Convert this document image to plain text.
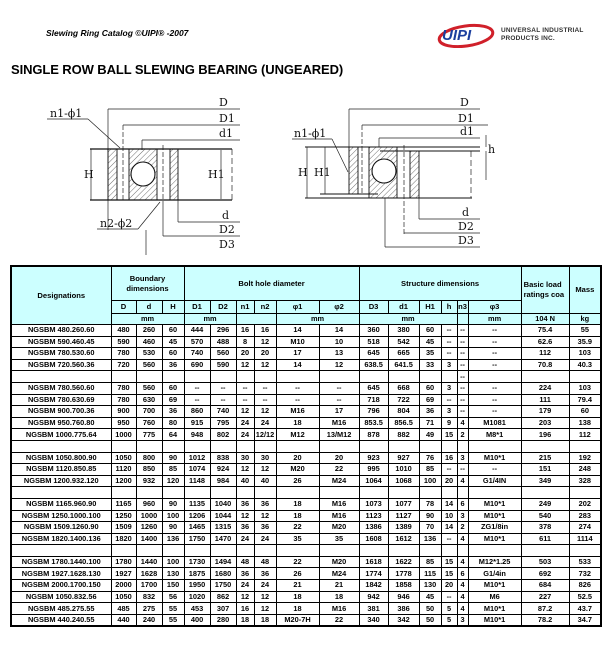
Slewing Ring Catalog ©UIPI® -2007	UIPI	UNIVERSAL INDUSTRIAL
PRODUCTS INC.
SINGLE ROW BALL SLEWING BEARING (UNGEARED)
D
D1
d1
n1-ϕ1
H	H1
n2-ϕ2
d
D2
D3
D
D1
d1
n1-ϕ1
H H1
h
d
D2
D3
Designations	Boundary dimensions			Bolt hole diameter						Structure dimensions						Basic load ratings coa	Mass
	D	d	H	D1	D2	n1	n2	φ1	φ2	D3	d1	H1	h	n3	φ3		
	mm			mm				mm		mm					mm	104 N	kg
NGSBM 480.260.60	480	260	60	444	296	16	16	14	14	360	380	60	--	--	--	75.4	55
NGSBM 590.460.45	590	460	45	570	488	8	12	M10	10	518	542	45	--	--	--	62.6	35.9
NGSBM 780.530.60	780	530	60	740	560	20	20	17	13	645	665	35	--	--	--	112	103
NGSBM 720.560.36	720	560	36	690	590	12	12	14	12	638.5	641.5	33	3	--	--	70.8	40.3
														--			
NGSBM 780.560.60	780	560	60	--	--	--	--	--	--	645	668	60	3	--	--	224	103
NGSBM 780.630.69	780	630	69	--	--	--	--	--	--	718	722	69	--	--	--	111	79.4
NGSBM 900.700.36	900	700	36	860	740	12	12	M16	17	796	804	36	3	--	--	179	60
NGSBM 950.760.80	950	760	80	915	795	24	24	18	M16	853.5	856.5	71	9	4	M1081	203	138
NGSBM 1000.775.64	1000	775	64	948	802	24	12/12	M12	13/M12	878	882	49	15	2	M8*1	196	112

NGSBM 1050.800.90	1050	800	90	1012	838	30	30	20	20	923	927	76	16	3	M10*1	215	192
NGSBM 1120.850.85	1120	850	85	1074	924	12	12	M20	22	995	1010	85	--	--	--	151	248
NGSBM 1200.932.120	1200	932	120	1148	984	40	40	26	M24	1064	1068	100	20	4	G1/4IN	349	328

NGSBM 1165.960.90	1165	960	90	1135	1040	36	36	18	M16	1073	1077	78	14	6	M10*1	249	202
NGSBM 1250.1000.100	1250	1000	100	1206	1044	12	12	18	M16	1123	1127	90	10	3	M10*1	540	283
NGSBM 1509.1260.90	1509	1260	90	1465	1315	36	36	22	M20	1386	1389	70	14	2	ZG1/8in	378	274
NGSBM 1820.1400.136	1820	1400	136	1750	1470	24	24	35	35	1608	1612	136	--	4	M10*1	611	1114

NGSBM 1780.1440.100	1780	1440	100	1730	1494	48	48	22	M20	1618	1622	85	15	4	M12*1.25	503	533
NGSBM 1927.1628.130	1927	1628	130	1875	1680	36	36	26	M24	1774	1778	115	15	6	G1/4in	692	732
NGSBM 2000.1700.150	2000	1700	150	1950	1750	24	24	21	21	1842	1858	130	20	4	M10*1	684	826
NGSBM 1050.832.56	1050	832	56	1020	862	12	12	18	18	942	946	45	--	4	M6	227	52.5
NGSBM 485.275.55	485	275	55	453	307	16	12	18	M16	381	386	50	5	4	M10*1	87.2	43.7
NGSBM 440.240.55	440	240	55	400	280	18	18	M20-7H	22	340	342	50	5	3	M10*1	78.2	34.7
